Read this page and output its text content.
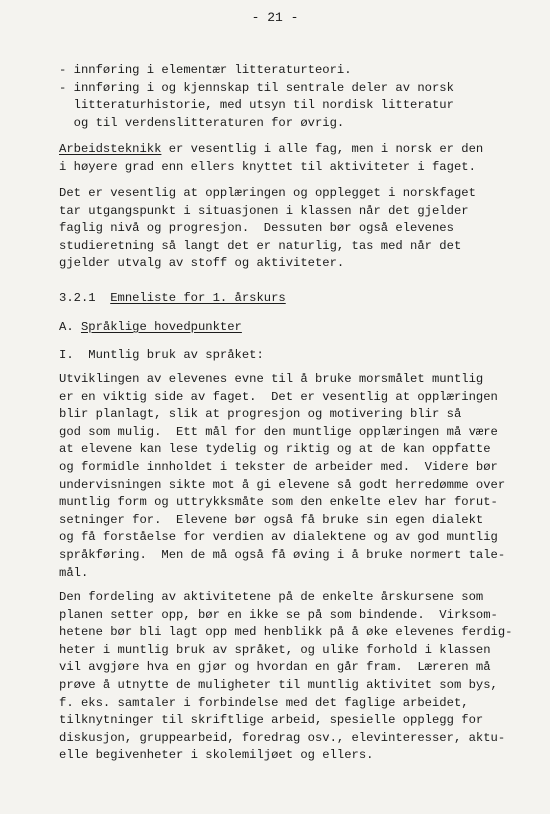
- 21 -
- innføring i elementær litteraturteori.
- innføring i og kjennskap til sentrale deler av norsk
litteraturhistorie, med utsyn til nordisk litteratur
og til verdenslitteraturen for øvrig.
Arbeidsteknikk er vesentlig i alle fag, men i norsk er den
i høyere grad enn ellers knyttet til aktiviteter i faget.
Det er vesentlig at opplæringen og opplegget i norskfaget
tar utgangspunkt i situasjonen i klassen når det gjelder
faglig nivå og progresjon.  Dessuten bør også elevenes
studieretning så langt det er naturlig, tas med når det
gjelder utvalg av stoff og aktiviteter.
3.2.1 Emneliste for 1. årskurs
A. Språklige hovedpunkter
I. Muntlig bruk av språket:
Utviklingen av elevenes evne til å bruke morsmålet muntlig
er en viktig side av faget.  Det er vesentlig at opplæringen
blir planlagt, slik at progresjon og motivering blir så
god som mulig.  Ett mål for den muntlige opplæringen må være
at elevene kan lese tydelig og riktig og at de kan oppfatte
og formidle innholdet i tekster de arbeider med.  Videre bør
undervisningen sikte mot å gi elevene så godt herredømme over
muntlig form og uttrykksmåte som den enkelte elev har forut-
setninger for.  Elevene bør også få bruke sin egen dialekt
og få forståelse for verdien av dialektene og av god muntlig
språkføring.  Men de må også få øving i å bruke normert tale-
mål.
Den fordeling av aktivitetene på de enkelte årskursene som
planen setter opp, bør en ikke se på som bindende.  Virksom-
hetene bør bli lagt opp med henblikk på å øke elevenes ferdig-
heter i muntlig bruk av språket, og ulike forhold i klassen
vil avgjøre hva en gjør og hvordan en går fram.  Læreren må
prøve å utnytte de muligheter til muntlig aktivitet som bys,
f. eks. samtaler i forbindelse med det faglige arbeidet,
tilknytninger til skriftlige arbeid, spesielle opplegg for
diskusjon, gruppearbeid, foredrag osv., elevinteresser, aktu-
elle begivenheter i skolemiljøet og ellers.
